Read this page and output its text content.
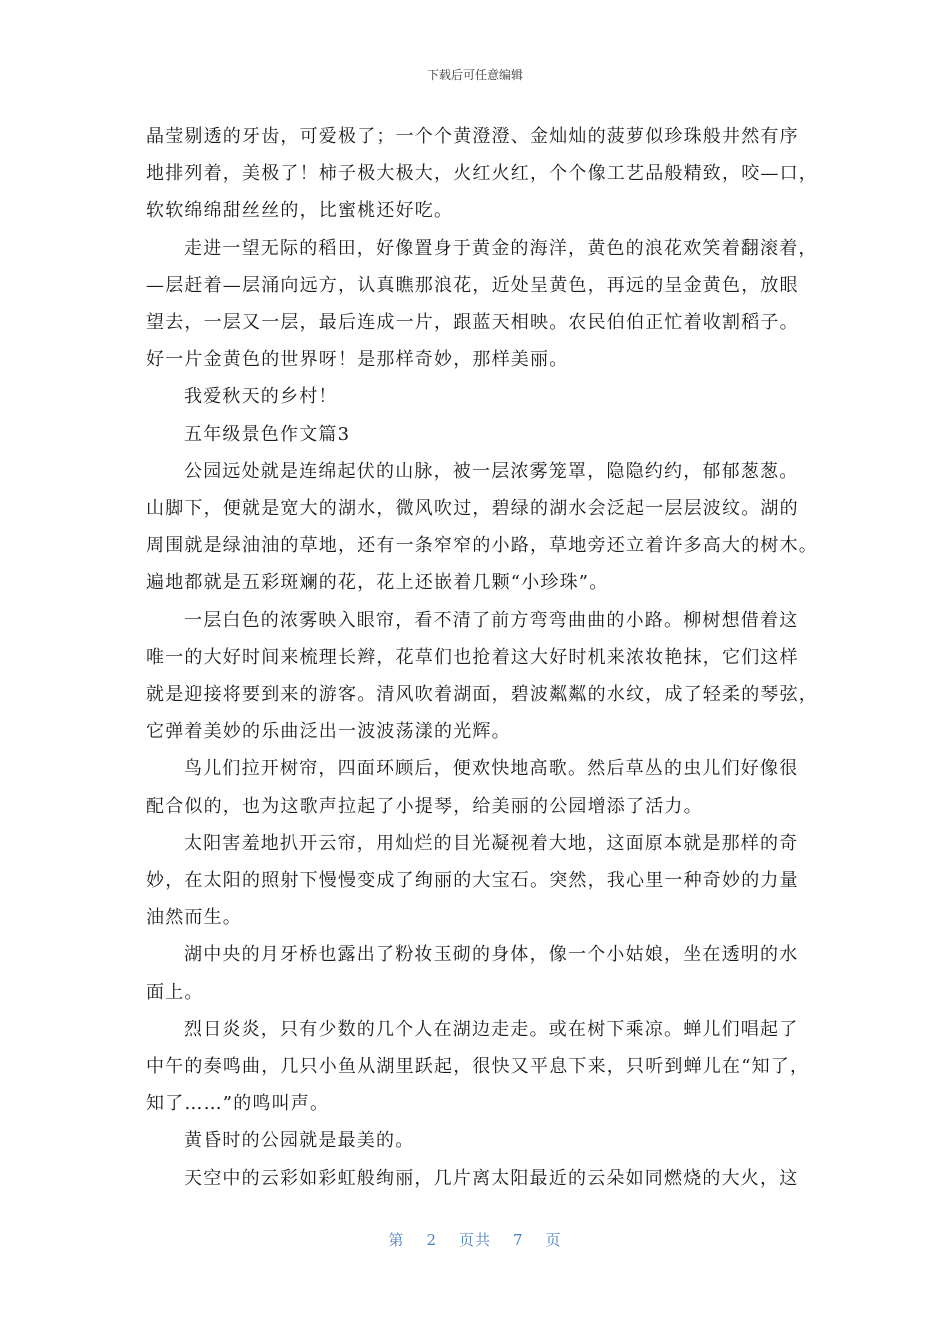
下载后可任意编辑
晶莹剔透的牙齿，可爱极了；一个个黄澄澄、金灿灿的菠萝似珍珠般井然有序
地排列着，美极了！柿子极大极大，火红火红，个个像工艺品般精致，咬—口，
软软绵绵甜丝丝的，比蜜桃还好吃。
走进一望无际的稻田，好像置身于黄金的海洋，黄色的浪花欢笑着翻滚着，
—层赶着—层涌向远方，认真瞧那浪花，近处呈黄色，再远的呈金黄色，放眼
望去，一层又一层，最后连成一片，跟蓝天相映。农民伯伯正忙着收割稻子。
好一片金黄色的世界呀！是那样奇妙，那样美丽。
我爱秋天的乡村！
五年级景色作文篇3
公园远处就是连绵起伏的山脉，被一层浓雾笼罩，隐隐约约，郁郁葱葱。
山脚下，便就是宽大的湖水，微风吹过，碧绿的湖水会泛起一层层波纹。湖的
周围就是绿油油的草地，还有一条窄窄的小路，草地旁还立着许多高大的树木。
遍地都就是五彩斑斓的花，花上还嵌着几颗“小珍珠”。
一层白色的浓雾映入眼帘，看不清了前方弯弯曲曲的小路。柳树想借着这
唯一的大好时间来梳理长辫，花草们也抢着这大好时机来浓妆艳抹，它们这样
就是迎接将要到来的游客。清风吹着湖面，碧波粼粼的水纹，成了轻柔的琴弦，
它弹着美妙的乐曲泛出一波波荡漾的光辉。
鸟儿们拉开树帘，四面环顾后，便欢快地高歌。然后草丛的虫儿们好像很
配合似的，也为这歌声拉起了小提琴，给美丽的公园增添了活力。
太阳害羞地扒开云帘，用灿烂的目光凝视着大地，这面原本就是那样的奇
妙，在太阳的照射下慢慢变成了绚丽的大宝石。突然，我心里一种奇妙的力量
油然而生。
湖中央的月牙桥也露出了粉妆玉砌的身体，像一个小姑娘，坐在透明的水
面上。
烈日炎炎，只有少数的几个人在湖边走走。或在树下乘凉。蝉儿们唱起了
中午的奏鸣曲，几只小鱼从湖里跃起，很快又平息下来，只听到蝉儿在“知了，
知了……”的鸣叫声。
黄昏时的公园就是最美的。
天空中的云彩如彩虹般绚丽，几片离太阳最近的云朵如同燃烧的大火，这
第 2 页共 7 页
